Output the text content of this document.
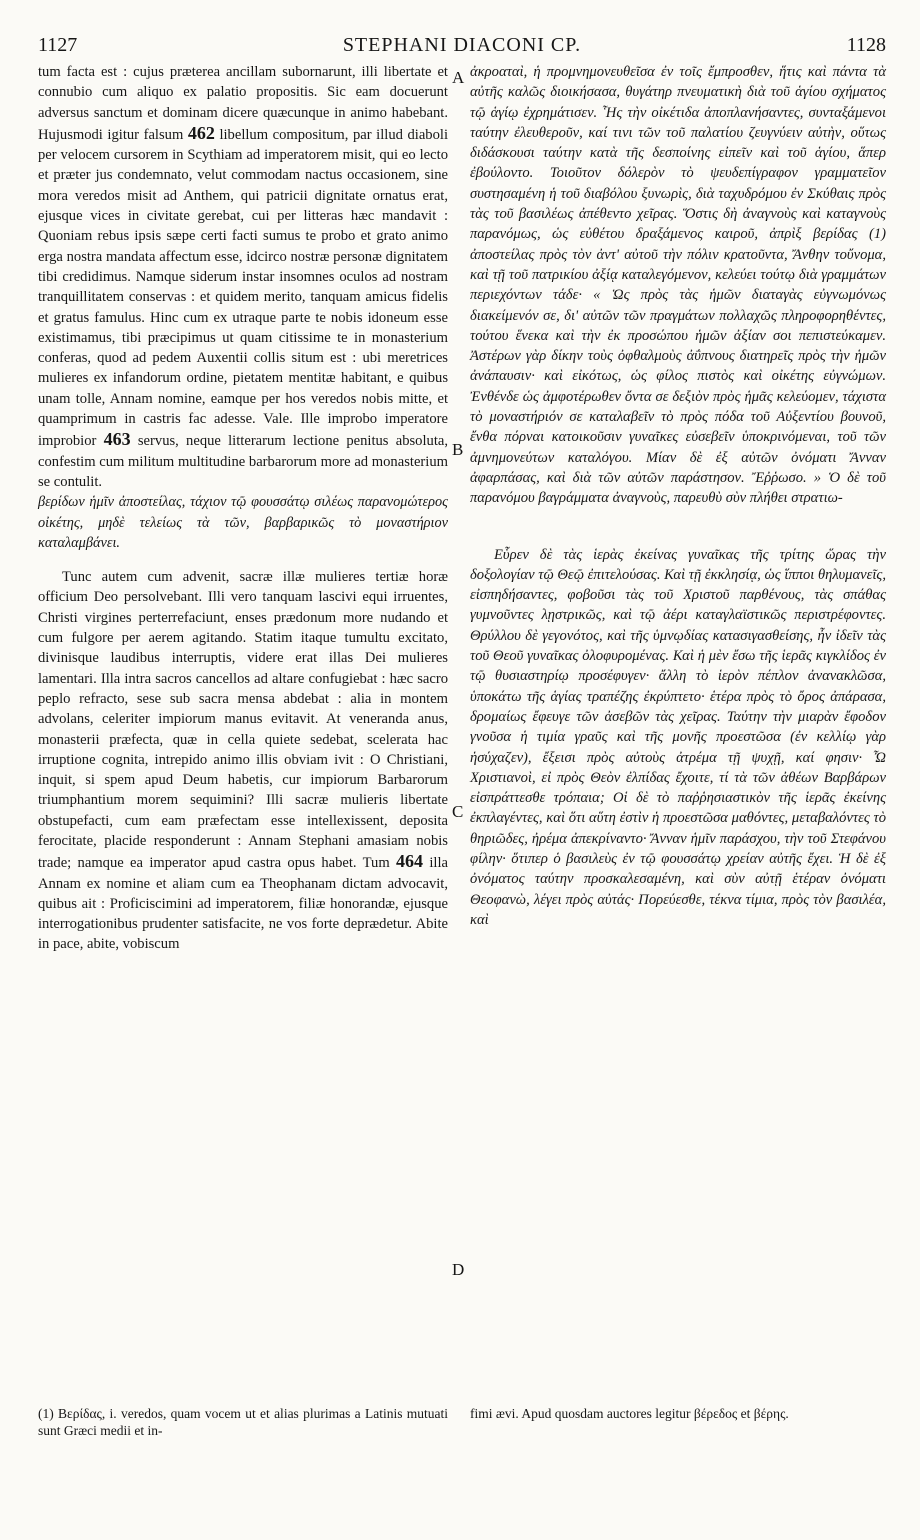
1127	STEPHANI DIACONI CP.	1128
A
B
C
D

tum facta est : cujus præterea ancillam subornarunt, illi libertate et connubio cum aliquo ex palatio propositis. Sic eam docuerunt adversus sanctum et dominam dicere quæcunque in animo habebant. Hujusmodi igitur falsum 462 libellum compositum, par illud diaboli per velocem cursorem in Scythiam ad imperatorem misit, qui eo lecto et præter jus condemnato, velut commodam nactus occasionem, sine mora veredos misit ad Anthem, qui patricii dignitate ornatus erat, ejusque vices in civitate gerebat, cui per litteras hæc mandavit : Quoniam rebus ipsis sæpe certi facti sumus te probo et grato animo erga nostra mandata affectum esse, idcirco nostræ personæ dignitatem tibi credidimus. Namque siderum instar insomnes oculos ad nostram tranquillitatem conservas : et quidem merito, tanquam amicus fidelis et gratus famulus. Hinc cum ex utraque parte te nobis idoneum esse existimamus, tibi præcipimus ut quam citissime te in monasterium conferas, quod ad pedem Auxentii collis situm est : ubi meretrices mulieres ex infandorum ordine, pietatem mentitæ habitant, e quibus unam tolle, Annam nomine, eamque per hos veredos nobis mitte, et quamprimum in castris fac adesse. Vale. Ille improbo imperatore improbior 463 servus, neque litterarum lectione penitus absoluta, confestim cum militum multitudine barbarorum more ad monasterium se contulit.

βερίδων ἡμῖν ἀποστείλας, τάχιον τῷ φουσσάτῳ σιλέως παρανομώτερος οἰκέτης, μηδὲ τελείως τὰ τῶν, βαρβαρικῶς τὸ μοναστήριον καταλαμβάνει.

Tunc autem cum advenit, sacræ illæ mulieres tertiæ horæ officium Deo persolvebant. Illi vero tanquam lascivi equi irruentes, Christi virgines perterrefaciunt, enses prædonum more nudando et cum fulgore per aerem agitando. Statim itaque tumultu excitato, divinisque laudibus interruptis, videre erat illas Dei mulieres lamentari. Illa intra sacros cancellos ad altare confugiebat : hæc sacro peplo refracto, sese sub sacra mensa abdebat : alia in montem advolans, celeriter impiorum manus evitavit. At veneranda anus, monasterii præfecta, quæ in cella quiete sedebat, scelerata hac irruptione cognita, intrepido animo illis obviam ivit : O Christiani, inquit, si spem apud Deum habetis, cur impiorum Barbarorum triumphantium morem sequimini? Illi sacræ mulieris libertate obstupefacti, cum eam præfectam esse intellexissent, deposita ferocitate, placide responderunt : Annam Stephani amasiam nobis trade; namque ea imperator apud castra opus habet. Tum 464 illa Annam ex nomine et aliam cum ea Theophanam dictam advocavit, quibus ait : Proficiscimini ad imperatorem, filiæ honorandæ, ejusque interrogationibus prudenter satisfacite, ne vos forte deprædetur. Abite in pace, abite, vobiscum

ἀκροαταὶ, ἡ προμνημονευθεῖσα ἐν τοῖς ἔμπροσθεν, ἥτις καὶ πάντα τὰ αὐτῆς καλῶς διοικήσασα, θυγάτηρ πνευματικὴ διὰ τοῦ ἁγίου σχήματος τῷ ἁγίῳ ἐχρημάτισεν. Ἧς τὴν οἰκέτιδα ἀποπλανήσαντες, συνταξάμενοι ταύτην ἐλευθεροῦν, καί τινι τῶν τοῦ παλατίου ζευγνύειν αὐτὴν, οὕτως διδάσκουσι ταύτην κατὰ τῆς δεσποίνης εἰπεῖν καὶ τοῦ ἁγίου, ἅπερ ἐβούλοντο. Τοιοῦτον δόλερὸν τὸ ψευδεπίγραφον γραμματεῖον συστησαμένη ἡ τοῦ διαβόλου ξυνωρὶς, διὰ ταχυδρόμου ἐν Σκύθαις πρὸς τὰς τοῦ βασιλέως ἀπέθεντο χεῖρας. Ὅστις δὴ ἀναγνοὺς καὶ καταγνοὺς παρανόμως, ὡς εὐθέτου δραξάμενος καιροῦ, ἀπρὶξ βερίδας (1) ἀποστείλας πρὸς τὸν ἀντ' αὐτοῦ τὴν πόλιν κρατοῦντα, Ἄνθην τοὔνομα, καὶ τῇ τοῦ πατρικίου ἀξίᾳ καταλεγόμενον, κελεύει τούτῳ διὰ γραμμάτων περιεχόντων τάδε· « Ὡς πρὸς τὰς ἡμῶν διαταγὰς εὐγνωμόνως διακείμενόν σε, δι' αὐτῶν τῶν πραγμάτων πολλαχῶς πληροφορηθέντες, τούτου ἕνεκα καὶ τὴν ἐκ προσώπου ἡμῶν ἀξίαν σοι πεπιστεύκαμεν. Ἀστέρων γὰρ δίκην τοὺς ὀφθαλμοὺς ἀΰπνους διατηρεῖς πρὸς τὴν ἡμῶν ἀνάπαυσιν· καὶ εἰκότως, ὡς φίλος πιστὸς καὶ οἰκέτης εὐγνώμων. Ἐνθένδε ὡς ἀμφοτέρωθεν ὄντα σε δεξιὸν πρὸς ἡμᾶς κελεύομεν, τάχιστα τὸ μοναστήριόν σε καταλαβεῖν τὸ πρὸς πόδα τοῦ Αὐξεντίου βουνοῦ, ἔνθα πόρναι κατοικοῦσιν γυναῖκες εὐσεβεῖν ὑποκρινόμεναι, τοῦ τῶν ἀμνημονεύτων καταλόγου. Μίαν δὲ ἐξ αὐτῶν ὀνόματι Ἄνναν ἀφαρπάσας, καὶ διὰ τῶν αὐτῶν παράστησον. Ἔῤῥωσο. » Ὁ δὲ τοῦ παρανόμου βαγράμματα ἀναγνοὺς, παρευθὺ σὺν πλήθει στρατιω-

Εὗρεν δὲ τὰς ἱερὰς ἐκείνας γυναῖκας τῆς τρίτης ὥρας τὴν δοξολογίαν τῷ Θεῷ ἐπιτελούσας. Καὶ τῇ ἐκκλησίᾳ, ὡς ἵπποι θηλυμανεῖς, εἰσπηδήσαντες, φοβοῦσι τὰς τοῦ Χριστοῦ παρθένους, τὰς σπάθας γυμνοῦντες λῃστρικῶς, καὶ τῷ ἀέρι καταγλαϊστικῶς περιστρέφοντες. Θρύλλου δὲ γεγονότος, καὶ τῆς ὑμνῳδίας κατασιγασθείσης, ἦν ἰδεῖν τὰς τοῦ Θεοῦ γυναῖκας ὀλοφυρομένας. Καὶ ἡ μὲν ἔσω τῆς ἱερᾶς κιγκλίδος ἐν τῷ θυσιαστηρίῳ προσέφυγεν· ἄλλη τὸ ἱερὸν πέπλον ἀνανακλῶσα, ὑποκάτω τῆς ἁγίας τραπέζης ἐκρύπτετο· ἑτέρα πρὸς τὸ ὄρος ἀπάρασα, δρομαίως ἔφευγε τῶν ἀσεβῶν τὰς χεῖρας. Ταύτην τὴν μιαρὰν ἔφοδον γνοῦσα ἡ τιμία γραῦς καὶ τῆς μονῆς προεστῶσα (ἐν κελλίῳ γὰρ ἡσύχαζεν), ἔξεισι πρὸς αὐτοὺς ἀτρέμα τῇ ψυχῇ, καί φησιν· Ὦ Χριστιανοὶ, εἰ πρὸς Θεὸν ἐλπίδας ἔχοιτε, τί τὰ τῶν ἀθέων Βαρβάρων εἰσπράττεσθε τρόπαια; Οἱ δὲ τὸ παῤῥησιαστικὸν τῆς ἱερᾶς ἐκείνης ἐκπλαγέντες, καὶ ὅτι αὕτη ἐστὶν ἡ προεστῶσα μαθόντες, μεταβαλόντες τὸ θηριῶδες, ἠρέμα ἀπεκρίναντο· Ἄνναν ἡμῖν παράσχου, τὴν τοῦ Στεφάνου φίλην· ὅτιπερ ὁ βασιλεὺς ἐν τῷ φουσσάτῳ χρείαν αὐτῆς ἔχει. Ἡ δὲ ἐξ ὀνόματος ταύτην προσκαλεσαμένη, καὶ σὺν αὐτῇ ἑτέραν ὀνόματι Θεοφανὼ, λέγει πρὸς αὐτάς· Πορεύεσθε, τέκνα τίμια, πρὸς τὸν βασιλέα, καὶ

(1) Βερίδας, i. veredos, quam vocem ut et alias plurimas a Latinis mutuati sunt Græci medii et in-
fimi ævi. Apud quosdam auctores legitur βέρεδος et βέρης.
